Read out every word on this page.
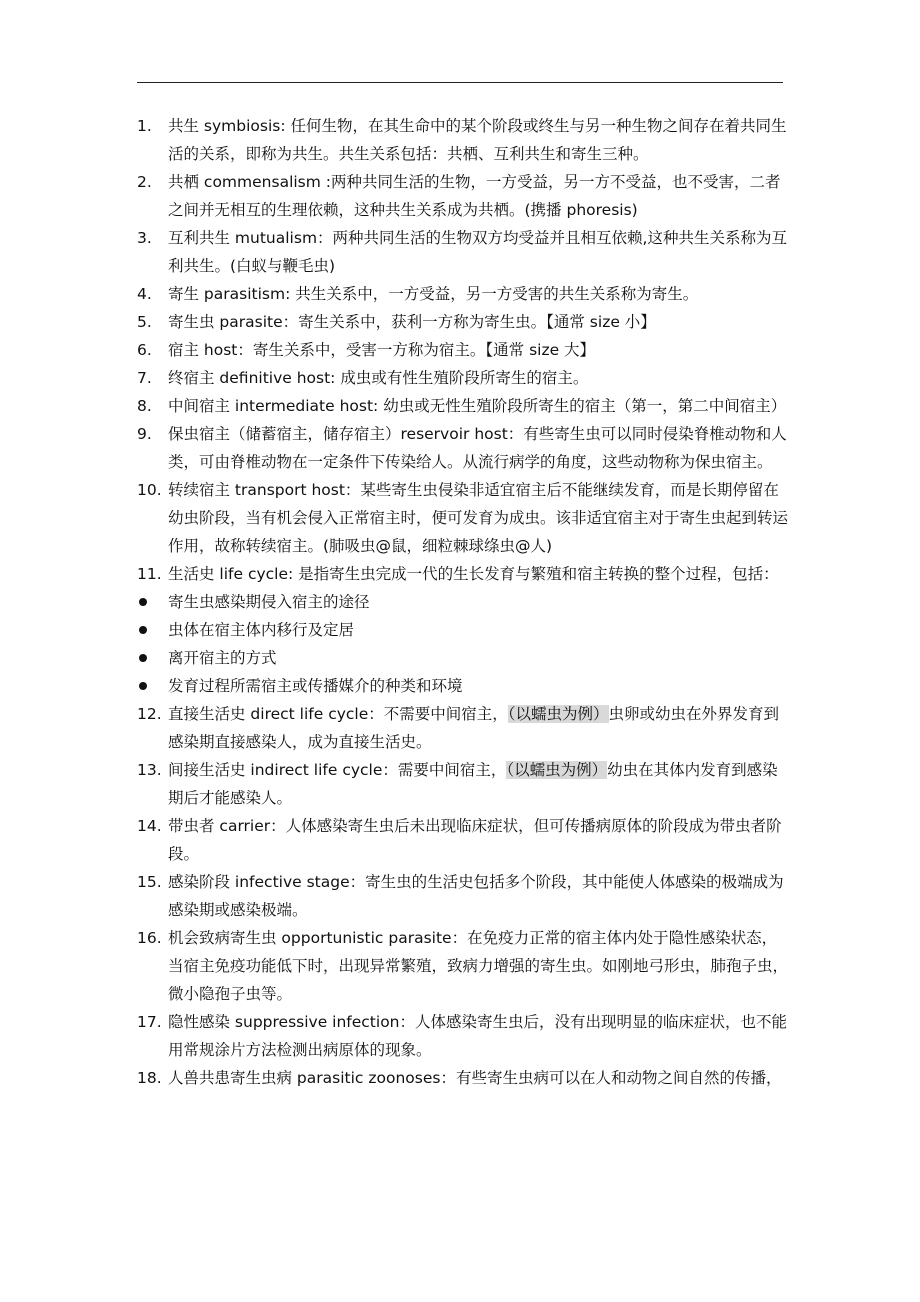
1. 共生 symbiosis: 任何生物，在其生命中的某个阶段或终生与另一种生物之间存在着共同生活的关系，即称为共生。共生关系包括：共栖、互利共生和寄生三种。
2. 共栖 commensalism :两种共同生活的生物，一方受益，另一方不受益，也不受害，二者之间并无相互的生理依赖，这种共生关系成为共栖。(携播 phoresis)
3. 互利共生 mutualism：两种共同生活的生物双方均受益并且相互依赖,这种共生关系称为互利共生。(白蚁与鞭毛虫)
4. 寄生 parasitism: 共生关系中，一方受益，另一方受害的共生关系称为寄生。
5. 寄生虫 parasite：寄生关系中，获利一方称为寄生虫。【通常 size 小】
6. 宿主 host：寄生关系中，受害一方称为宿主。【通常 size 大】
7. 终宿主 definitive host: 成虫或有性生殖阶段所寄生的宿主。
8. 中间宿主 intermediate host: 幼虫或无性生殖阶段所寄生的宿主（第一，第二中间宿主）
9. 保虫宿主（储蓄宿主，储存宿主）reservoir host：有些寄生虫可以同时侵染脊椎动物和人类，可由脊椎动物在一定条件下传染给人。从流行病学的角度，这些动物称为保虫宿主。
10. 转续宿主 transport host：某些寄生虫侵染非适宜宿主后不能继续发育，而是长期停留在幼虫阶段，当有机会侵入正常宿主时，便可发育为成虫。该非适宜宿主对于寄生虫起到转运作用，故称转续宿主。(肺吸虫@鼠，细粒棘球绦虫@人)
11. 生活史 life cycle: 是指寄生虫完成一代的生长发育与繁殖和宿主转换的整个过程，包括：
寄生虫感染期侵入宿主的途径
虫体在宿主体内移行及定居
离开宿主的方式
发育过程所需宿主或传播媒介的种类和环境
12. 直接生活史 direct life cycle：不需要中间宿主，（以蠕虫为例）虫卵或幼虫在外界发育到感染期直接感染人，成为直接生活史。
13. 间接生活史 indirect life cycle：需要中间宿主，（以蠕虫为例）幼虫在其体内发育到感染期后才能感染人。
14. 带虫者 carrier：人体感染寄生虫后未出现临床症状，但可传播病原体的阶段成为带虫者阶段。
15. 感染阶段 infective stage：寄生虫的生活史包括多个阶段，其中能使人体感染的极端成为感染期或感染极端。
16. 机会致病寄生虫 opportunistic parasite：在免疫力正常的宿主体内处于隐性感染状态，当宿主免疫功能低下时，出现异常繁殖，致病力增强的寄生虫。如刚地弓形虫，肺孢子虫，微小隐孢子虫等。
17. 隐性感染 suppressive infection：人体感染寄生虫后，没有出现明显的临床症状，也不能用常规涂片方法检测出病原体的现象。
18. 人兽共患寄生虫病 parasitic zoonoses：有些寄生虫病可以在人和动物之间自然的传播，
